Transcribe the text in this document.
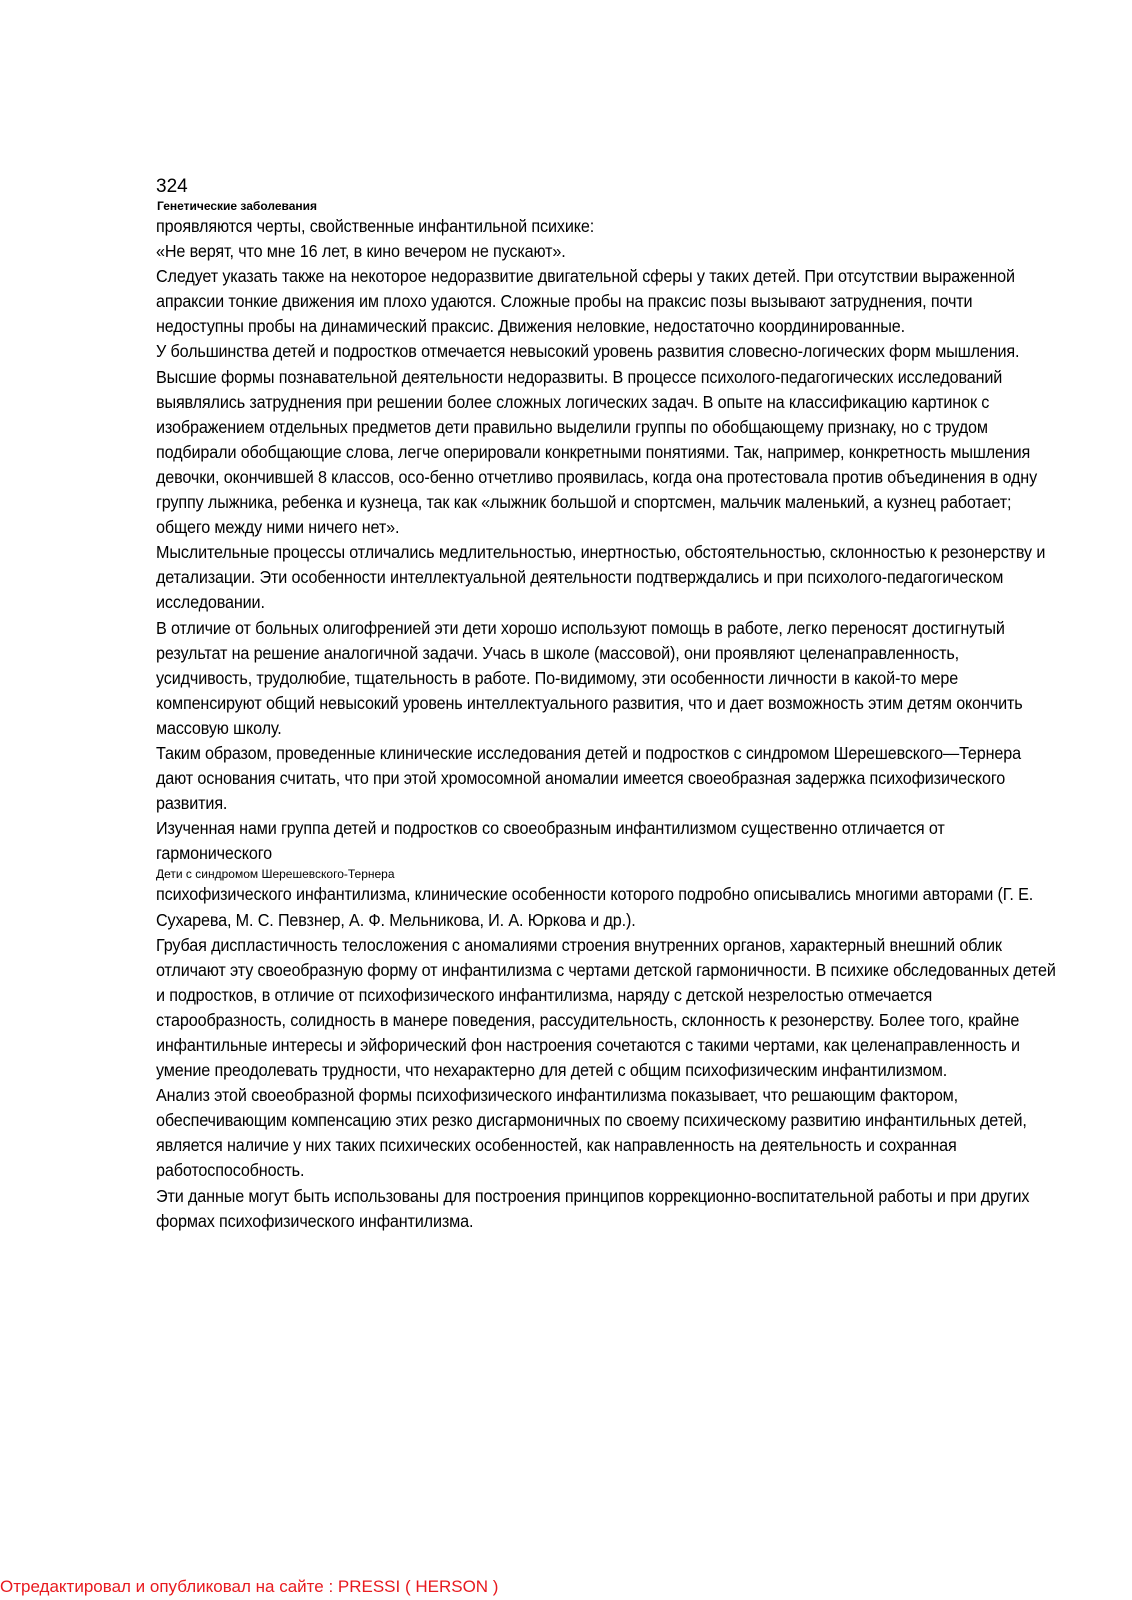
324

Генетические заболевания

проявляются черты, свойственные инфантильной психике:

«Не верят, что мне 16 лет, в кино вечером не пускают».

Следует указать также на некоторое недоразвитие двигательной сферы у таких детей. При отсутствии выраженной апраксии тонкие движения им плохо удаются. Сложные пробы на праксис позы вызывают затруднения, почти недоступны пробы на динамический праксис. Движения неловкие, недостаточно координированные.

У большинства детей и подростков отмечается невысокий уровень развития словесно-логических форм мышления. Высшие формы познавательной деятельности недоразвиты. В процессе психолого-педагогических исследований выявлялись затруднения при решении более сложных логических задач. В опыте на классификацию картинок с изображением отдельных предметов дети правильно выделили группы по обобщающему признаку, но с трудом подбирали обобщающие слова, легче оперировали конкретными понятиями. Так, например, конкретность мышления девочки, окончившей 8 классов, осо-бенно отчетливо проявилась, когда она протестовала против объединения в одну группу лыжника, ребенка и кузнеца, так как «лыжник большой и спортсмен, мальчик маленький, а кузнец работает; общего между ними ничего нет».

Мыслительные процессы отличались медлительностью, инертностью, обстоятельностью, склонностью к резонерству и детализации. Эти особенности интеллектуальной деятельности подтверждались и при психолого-педагогическом исследовании.

В отличие от больных олигофренией эти дети хорошо используют помощь в работе, легко переносят достигнутый результат на решение аналогичной задачи. Учась в школе (массовой), они проявляют целенаправленность, усидчивость, трудолюбие, тщательность в работе. По-видимому, эти особенности личности в какой-то мере компенсируют общий невысокий уровень интеллектуального развития, что и дает возможность этим детям окончить массовую школу.

Таким образом, проведенные клинические исследования детей и подростков с синдромом Шерешевского—Тернера дают основания считать, что при этой хромосомной аномалии имеется своеобразная задержка психофизического развития.

Изученная нами группа детей и подростков со своеобразным инфантилизмом существенно отличается от гармонического

Дети с синдромом Шерешевского-Тернера

психофизического инфантилизма, клинические особенности которого подробно описывались многими авторами (Г. Е. Сухарева, М. С. Певзнер, А. Ф. Мельникова, И. А. Юркова и др.).

Грубая диспластичность телосложения с аномалиями строения внутренних органов, характерный внешний облик отличают эту своеобразную форму от инфантилизма с чертами детской гармоничности. В психике обследованных детей и подростков, в отличие от психофизического инфантилизма, наряду с детской незрелостью отмечается старообразность, солидность в манере поведения, рассудительность, склонность к резонерству. Более того, крайне инфантильные интересы и эйфорический фон настроения сочетаются с такими чертами, как целенаправленность и умение преодолевать трудности, что нехарактерно для детей с общим психофизическим инфантилизмом.

Анализ этой своеобразной формы психофизического инфантилизма показывает, что решающим фактором, обеспечивающим компенсацию этих резко дисгармоничных по своему психическому развитию инфантильных детей, является наличие у них таких психических особенностей, как направленность на деятельность и сохранная работоспособность.

Эти данные могут быть использованы для построения принципов коррекционно-воспитательной работы и при других формах психофизического инфантилизма.

Отредактировал и опубликовал на сайте : PRESSI ( HERSON )
